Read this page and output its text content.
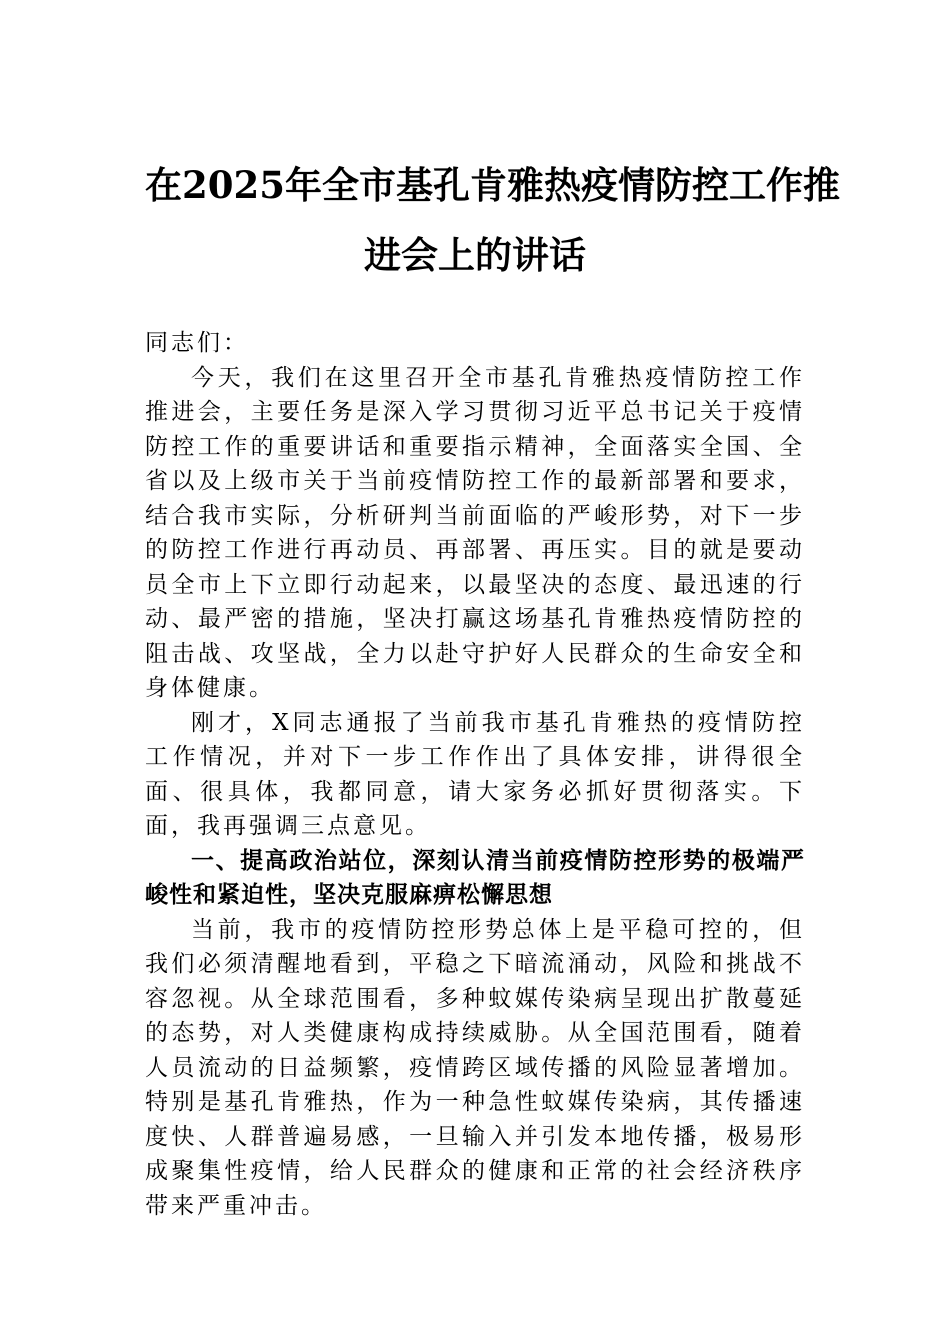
在2025年全市基孔肯雅热疫情防控工作推
进会上的讲话

同志们：

今天，我们在这里召开全市基孔肯雅热疫情防控工作推进会，主要任务是深入学习贯彻习近平总书记关于疫情防控工作的重要讲话和重要指示精神，全面落实全国、全省以及上级市关于当前疫情防控工作的最新部署和要求，结合我市实际，分析研判当前面临的严峻形势，对下一步的防控工作进行再动员、再部署、再压实。目的就是要动员全市上下立即行动起来，以最坚决的态度、最迅速的行动、最严密的措施，坚决打赢这场基孔肯雅热疫情防控的阻击战、攻坚战，全力以赴守护好人民群众的生命安全和身体健康。

刚才，X同志通报了当前我市基孔肯雅热的疫情防控工作情况，并对下一步工作作出了具体安排，讲得很全面、很具体，我都同意，请大家务必抓好贯彻落实。下面，我再强调三点意见。

一、提高政治站位，深刻认清当前疫情防控形势的极端严峻性和紧迫性，坚决克服麻痹松懈思想

当前，我市的疫情防控形势总体上是平稳可控的，但我们必须清醒地看到，平稳之下暗流涌动，风险和挑战不容忽视。从全球范围看，多种蚊媒传染病呈现出扩散蔓延的态势，对人类健康构成持续威胁。从全国范围看，随着人员流动的日益频繁，疫情跨区域传播的风险显著增加。特别是基孔肯雅热，作为一种急性蚊媒传染病，其传播速度快、人群普遍易感，一旦输入并引发本地传播，极易形成聚集性疫情，给人民群众的健康和正常的社会经济秩序带来严重冲击。
